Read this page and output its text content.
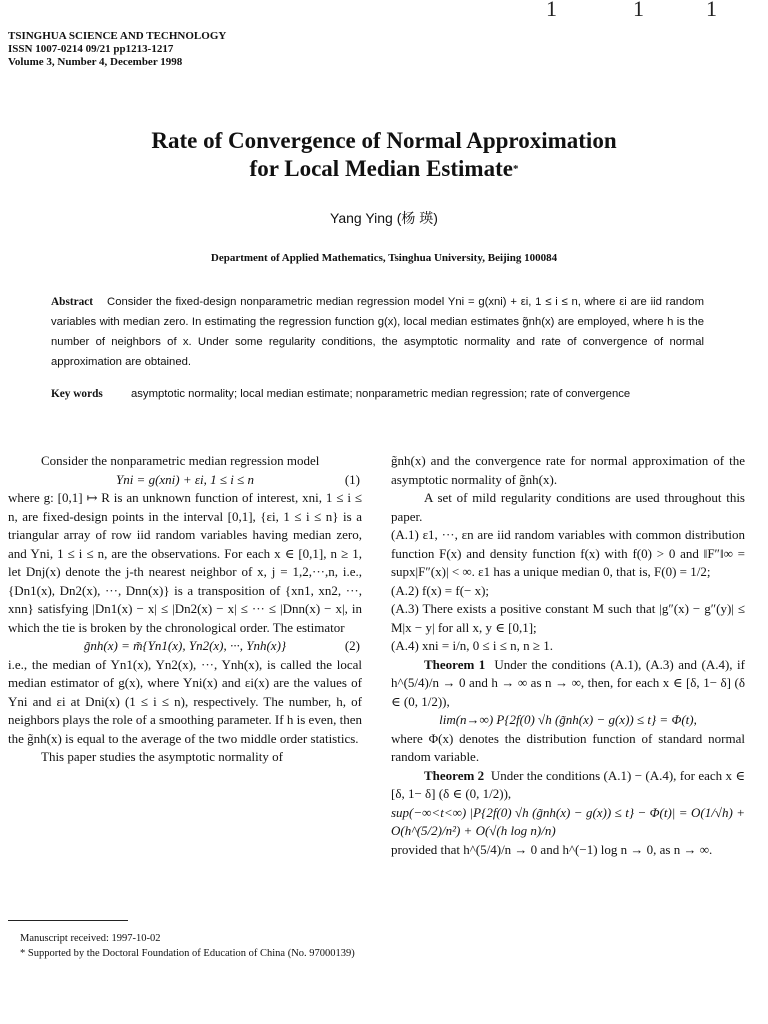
1	1	1
TSINGHUA SCIENCE AND TECHNOLOGY
ISSN 1007-0214 09/21 pp1213-1217
Volume 3, Number 4, December 1998
Rate of Convergence of Normal Approximation
for Local Median Estimate*
Yang Ying (杨 瑛)
Department of Applied Mathematics, Tsinghua University, Beijing 100084
Abstract Consider the fixed-design nonparametric median regression model Yni = g(xni) + εi, 1 ≤ i ≤ n, where εi are iid random variables with median zero. In estimating the regression function g(x), local median estimates g̃nh(x) are employed, where h is the number of neighbors of x. Under some regularity conditions, the asymptotic normality and rate of convergence of normal approximation are obtained.
Key words	asymptotic normality; local median estimate; nonparametric median regression; rate of convergence

Consider the nonparametric median regression model

Yni = g(xni) + εi, 1 ≤ i ≤ n	(1)

where g: [0,1] ↦ R is an unknown function of interest, xni, 1 ≤ i ≤ n, are fixed-design points in the interval [0,1], {εi, 1 ≤ i ≤ n} is a triangular array of row iid random variables having median zero, and Yni, 1 ≤ i ≤ n, are the observations. For each x ∈ [0,1], n ≥ 1, let Dnj(x) denote the j-th nearest neighbor of x, j = 1,2,···,n, i.e., {Dn1(x), Dn2(x), ···, Dnn(x)} is a transposition of {xn1, xn2, ···, xnn} satisfying |Dn1(x) − x| ≤ |Dn2(x) − x| ≤ ··· ≤ |Dnn(x) − x|, in which the tie is broken by the chronological order. The estimator

g̃nh(x) = m̃{Yn1(x), Yn2(x), ···, Ynh(x)}	(2)

i.e., the median of Yn1(x), Yn2(x), ···, Ynh(x), is called the local median estimator of g(x), where Yni(x) and εi(x) are the values of Yni and εi at Dni(x) (1 ≤ i ≤ n), respectively. The number, h, of neighbors plays the role of a smoothing parameter. If h is even, then the g̃nh(x) is equal to the average of the two middle order statistics.

This paper studies the asymptotic normality of

Manuscript received: 1997-10-02
* Supported by the Doctoral Foundation of Education of China (No. 97000139)

g̃nh(x) and the convergence rate for normal approximation of the asymptotic normality of g̃nh(x).

A set of mild regularity conditions are used throughout this paper.

(A.1) ε1, ···, εn are iid random variables with common distribution function F(x) and density function f(x) with f(0) > 0 and ‖F″‖∞ = supx|F″(x)| < ∞. ε1 has a unique median 0, that is, F(0) = 1/2;

(A.2) f(x) = f(− x);

(A.3) There exists a positive constant M such that |g″(x) − g″(y)| ≤ M|x − y| for all x, y ∈ [0,1];

(A.4) xni = i/n, 0 ≤ i ≤ n, n ≥ 1.

Theorem 1 Under the conditions (A.1), (A.3) and (A.4), if h^(5/4)/n → 0 and h → ∞ as n → ∞, then, for each x ∈ [δ, 1− δ] (δ ∈ (0, 1/2)),

lim(n→∞) P{2f(0) √h (g̃nh(x) − g(x)) ≤ t} = Φ(t),

where Φ(x) denotes the distribution function of standard normal random variable.

Theorem 2 Under the conditions (A.1) − (A.4), for each x ∈ [δ, 1− δ] (δ ∈ (0, 1/2)),

sup(−∞<t<∞) |P{2f(0) √h (g̃nh(x) − g(x)) ≤ t} − Φ(t)| = O(1/√h) + O(h^(5/2)/n²) + O(√(h log n)/n)

provided that h^(5/4)/n → 0 and h^(−1) log n → 0, as n → ∞.
